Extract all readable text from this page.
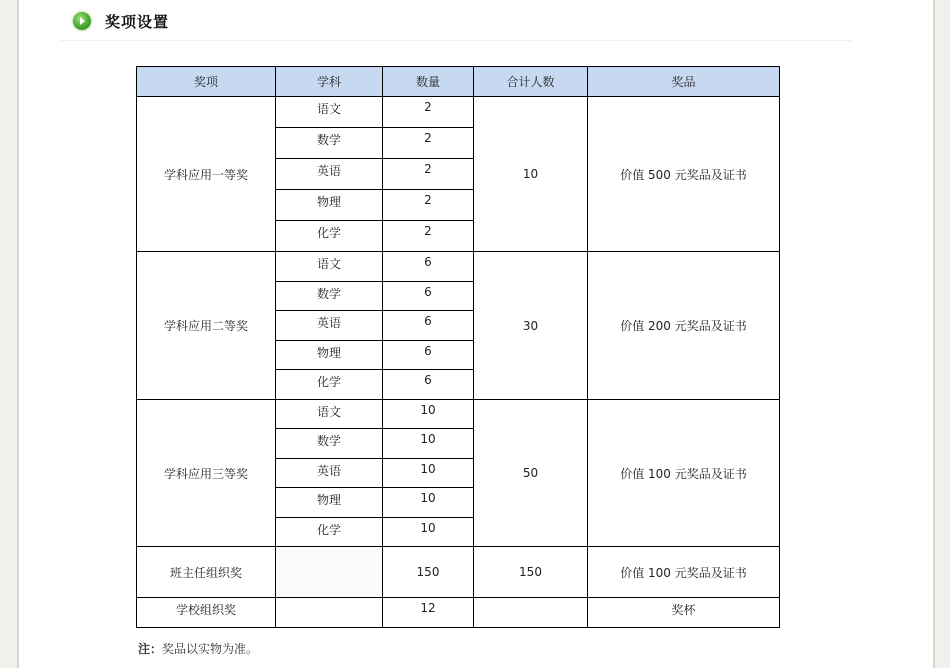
奖项设置
奖项	学科	数量	合计人数	奖品
学科应用一等奖	语文	2	10	价值 500 元奖品及证书
	数学	2		
	英语	2		
	物理	2		
	化学	2		
学科应用二等奖	语文	6	30	价值 200 元奖品及证书
	数学	6		
	英语	6		
	物理	6		
	化学	6		
学科应用三等奖	语文	10	50	价值 100 元奖品及证书
	数学	10		
	英语	10		
	物理	10		
	化学	10		
班主任组织奖		150	150	价值 100 元奖品及证书
学校组织奖		12		奖杯
注：奖品以实物为准。
